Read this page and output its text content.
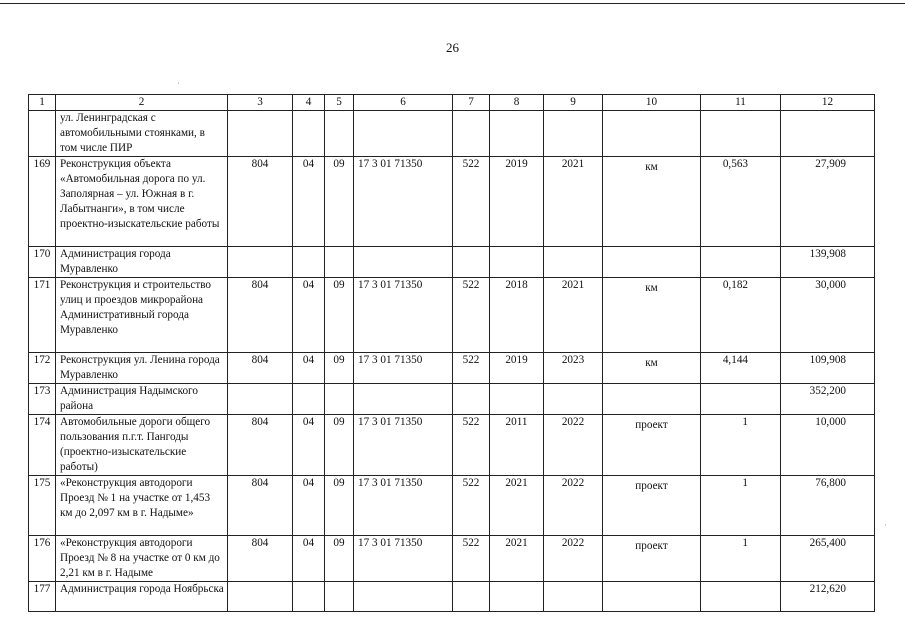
26
1	2	3	4	5	6	7	8	9	10	11	12
	ул. Ленинградская с автомобильными стоянками, в том числе ПИР										
169	Реконструкция объекта «Автомобильная дорога по ул. Заполярная – ул. Южная в г. Лабытнанги», в том числе проектно-изыскательские работы	804	04	09	17 3 01 71350	522	2019	2021	км	0,563	27,909
170	Администрация города Муравленко										139,908
171	Реконструкция и строительство улиц и проездов микрорайона Административный города Муравленко	804	04	09	17 3 01 71350	522	2018	2021	км	0,182	30,000
172	Реконструкция ул. Ленина города Муравленко	804	04	09	17 3 01 71350	522	2019	2023	км	4,144	109,908
173	Администрация Надымского района										352,200
174	Автомобильные дороги общего пользования п.г.т. Пангоды (проектно-изыскательские работы)	804	04	09	17 3 01 71350	522	2011	2022	проект	1	10,000
175	«Реконструкция автодороги Проезд № 1 на участке от 1,453 км до 2,097 км в г. Надыме»	804	04	09	17 3 01 71350	522	2021	2022	проект	1	76,800
176	«Реконструкция автодороги Проезд № 8 на участке от 0 км до 2,21 км в г. Надыме	804	04	09	17 3 01 71350	522	2021	2022	проект	1	265,400
177	Администрация города Ноябрьска										212,620
·
·
